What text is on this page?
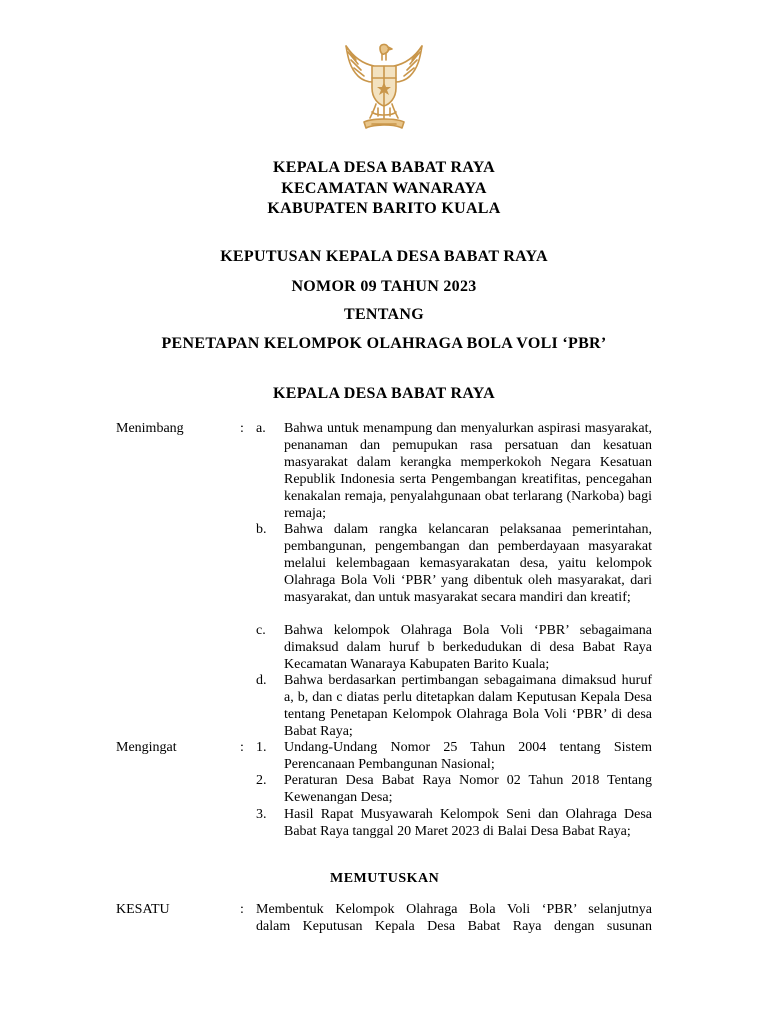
KEPALA DESA BABAT RAYA
KECAMATAN WANARAYA
KABUPATEN BARITO KUALA
KEPUTUSAN KEPALA DESA BABAT RAYA
NOMOR 09 TAHUN 2023
TENTANG
PENETAPAN KELOMPOK OLAHRAGA BOLA VOLI ‘PBR’
KEPALA DESA BABAT RAYA
Menimbang	: a. Bahwa untuk menampung dan menyalurkan aspirasi masyarakat, penanaman dan pemupukan rasa persatuan dan kesatuan masyarakat dalam kerangka memperkokoh Negara Kesatuan Republik Indonesia serta Pengembangan kreatifitas, pencegahan kenakalan remaja, penyalahgunaan obat terlarang (Narkoba) bagi remaja;
b. Bahwa dalam rangka kelancaran pelaksanaa pemerintahan, pembangunan, pengembangan dan pemberdayaan masyarakat melalui kelembagaan kemasyarakatan desa, yaitu kelompok Olahraga Bola Voli ‘PBR’ yang dibentuk oleh masyarakat, dari masyarakat, dan untuk masyarakat secara mandiri dan kreatif;
c. Bahwa kelompok Olahraga Bola Voli ‘PBR’ sebagaimana dimaksud dalam huruf b berkedudukan di desa Babat Raya Kecamatan Wanaraya Kabupaten Barito Kuala;
d. Bahwa berdasarkan pertimbangan sebagaimana dimaksud huruf a, b, dan c diatas perlu ditetapkan dalam Keputusan Kepala Desa tentang Penetapan Kelompok Olahraga Bola Voli ‘PBR’ di desa Babat Raya;
Mengingat	: 1. Undang-Undang Nomor 25 Tahun 2004 tentang Sistem Perencanaan Pembangunan Nasional;
2. Peraturan Desa Babat Raya Nomor 02 Tahun 2018 Tentang Kewenangan Desa;
3. Hasil Rapat Musyawarah Kelompok Seni dan Olahraga Desa Babat Raya tanggal 20 Maret 2023 di Balai Desa Babat Raya;
MEMUTUSKAN
KESATU	: Membentuk Kelompok Olahraga Bola Voli ‘PBR’ selanjutnya
dalam Keputusan Kepala Desa Babat Raya dengan susunan
